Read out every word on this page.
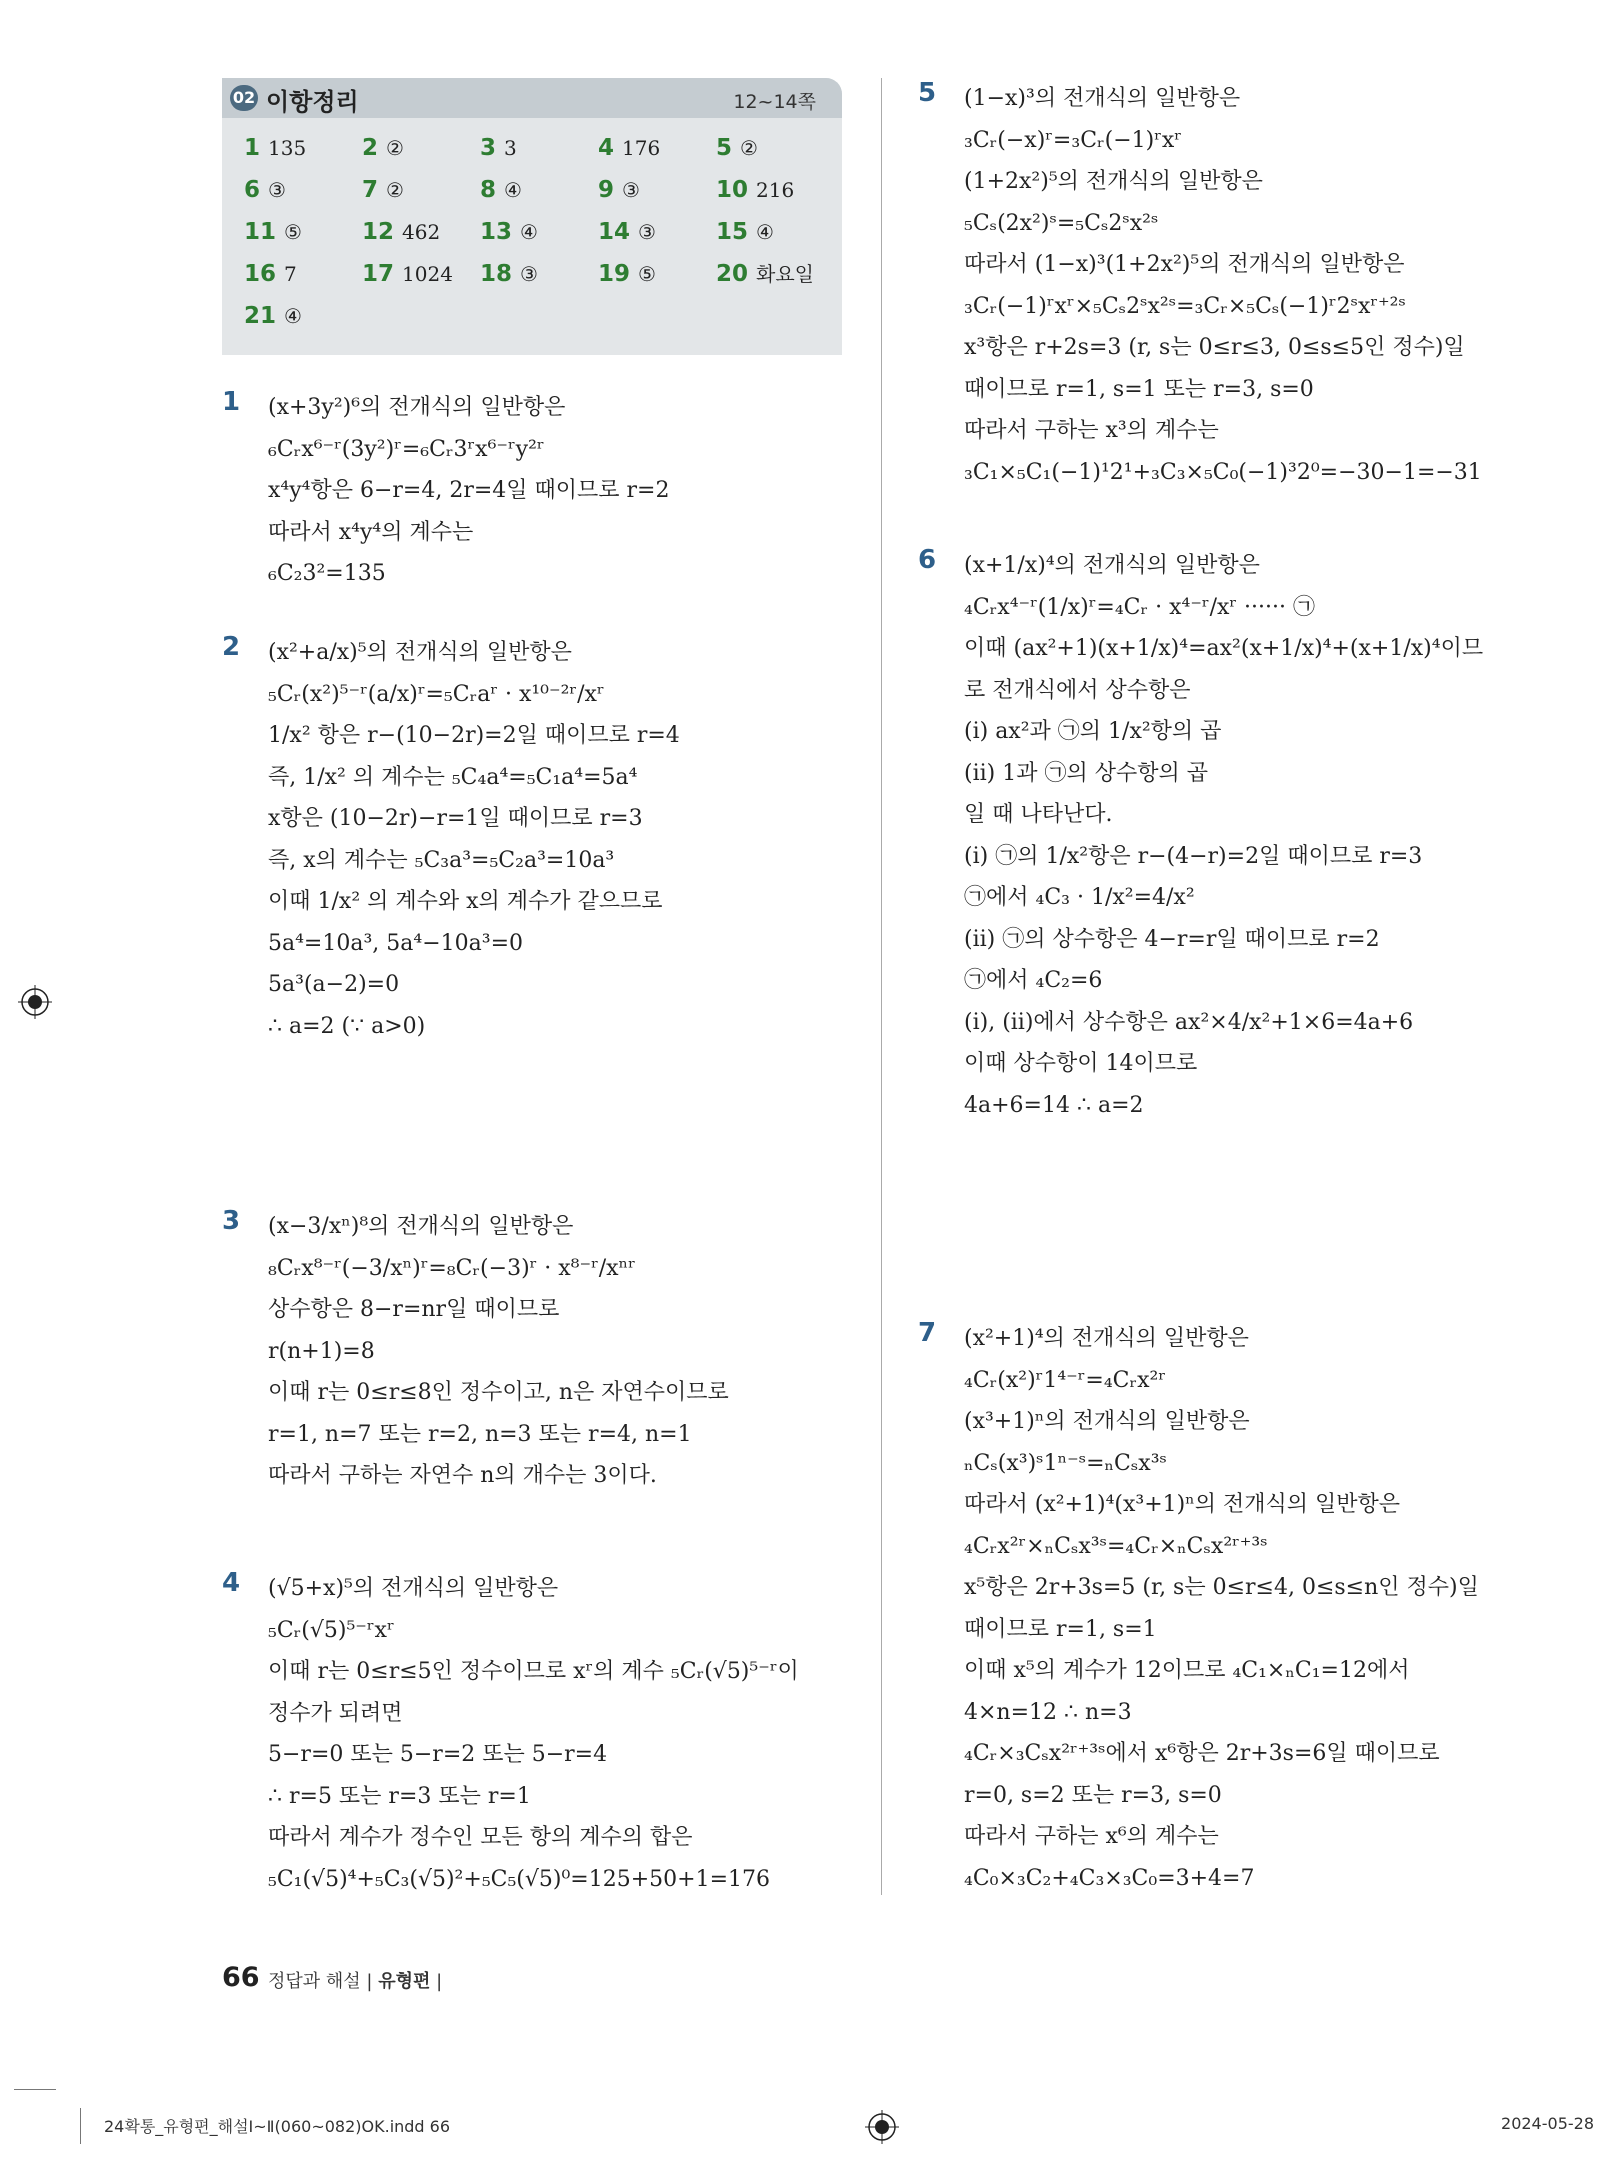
02 이항정리	12~14쪽
1 135	2 ②	3 3	4 176	5 ②
6 ③	7 ②	8 ④	9 ③	10 216
11 ⑤	12 462	13 ④	14 ③	15 ④
16 7	17 1024	18 ③	19 ⑤	20 화요일
21 ④
1 (x+3y²)⁶의 전개식의 일반항은
₆Cᵣx⁶⁻ʳ(3y²)ʳ=₆Cᵣ3ʳx⁶⁻ʳy²ʳ
x⁴y⁴항은 6−r=4, 2r=4일 때이므로 r=2
따라서 x⁴y⁴의 계수는
₆C₂3²=135
2 (x²+a/x)⁵의 전개식의 일반항은
₅Cᵣ(x²)⁵⁻ʳ(a/x)ʳ=₅Cᵣaʳ · x¹⁰⁻²ʳ/xʳ
1/x² 항은 r−(10−2r)=2일 때이므로 r=4
즉, 1/x² 의 계수는 ₅C₄a⁴=₅C₁a⁴=5a⁴
x항은 (10−2r)−r=1일 때이므로 r=3
즉, x의 계수는 ₅C₃a³=₅C₂a³=10a³
이때 1/x² 의 계수와 x의 계수가 같으므로
5a⁴=10a³, 5a⁴−10a³=0
5a³(a−2)=0
∴ a=2 (∵ a>0)
3 (x−3/xⁿ)⁸의 전개식의 일반항은
₈Cᵣx⁸⁻ʳ(−3/xⁿ)ʳ=₈Cᵣ(−3)ʳ · x⁸⁻ʳ/xⁿʳ
상수항은 8−r=nr일 때이므로
r(n+1)=8
이때 r는 0≤r≤8인 정수이고, n은 자연수이므로
r=1, n=7 또는 r=2, n=3 또는 r=4, n=1
따라서 구하는 자연수 n의 개수는 3이다.
4 (√5+x)⁵의 전개식의 일반항은
₅Cᵣ(√5)⁵⁻ʳxʳ
이때 r는 0≤r≤5인 정수이므로 xʳ의 계수 ₅Cᵣ(√5)⁵⁻ʳ이
정수가 되려면
5−r=0 또는 5−r=2 또는 5−r=4
∴ r=5 또는 r=3 또는 r=1
따라서 계수가 정수인 모든 항의 계수의 합은
₅C₁(√5)⁴+₅C₃(√5)²+₅C₅(√5)⁰=125+50+1=176
5 (1−x)³의 전개식의 일반항은
₃Cᵣ(−x)ʳ=₃Cᵣ(−1)ʳxʳ
(1+2x²)⁵의 전개식의 일반항은
₅Cₛ(2x²)ˢ=₅Cₛ2ˢx²ˢ
따라서 (1−x)³(1+2x²)⁵의 전개식의 일반항은
₃Cᵣ(−1)ʳxʳ×₅Cₛ2ˢx²ˢ=₃Cᵣ×₅Cₛ(−1)ʳ2ˢxʳ⁺²ˢ
x³항은 r+2s=3 (r, s는 0≤r≤3, 0≤s≤5인 정수)일
때이므로 r=1, s=1 또는 r=3, s=0
따라서 구하는 x³의 계수는
₃C₁×₅C₁(−1)¹2¹+₃C₃×₅C₀(−1)³2⁰=−30−1=−31
6 (x+1/x)⁴의 전개식의 일반항은
₄Cᵣx⁴⁻ʳ(1/x)ʳ=₄Cᵣ · x⁴⁻ʳ/xʳ ······ ㉠
이때 (ax²+1)(x+1/x)⁴=ax²(x+1/x)⁴+(x+1/x)⁴이므
로 전개식에서 상수항은
(ⅰ) ax²과 ㉠의 1/x²항의 곱
(ⅱ) 1과 ㉠의 상수항의 곱
일 때 나타난다.
(ⅰ) ㉠의 1/x²항은 r−(4−r)=2일 때이므로 r=3
㉠에서 ₄C₃ · 1/x²=4/x²
(ⅱ) ㉠의 상수항은 4−r=r일 때이므로 r=2
㉠에서 ₄C₂=6
(ⅰ), (ⅱ)에서 상수항은 ax²×4/x²+1×6=4a+6
이때 상수항이 14이므로
4a+6=14 ∴ a=2
7 (x²+1)⁴의 전개식의 일반항은
₄Cᵣ(x²)ʳ1⁴⁻ʳ=₄Cᵣx²ʳ
(x³+1)ⁿ의 전개식의 일반항은
ₙCₛ(x³)ˢ1ⁿ⁻ˢ=ₙCₛx³ˢ
따라서 (x²+1)⁴(x³+1)ⁿ의 전개식의 일반항은
₄Cᵣx²ʳ×ₙCₛx³ˢ=₄Cᵣ×ₙCₛx²ʳ⁺³ˢ
x⁵항은 2r+3s=5 (r, s는 0≤r≤4, 0≤s≤n인 정수)일
때이므로 r=1, s=1
이때 x⁵의 계수가 12이므로 ₄C₁×ₙC₁=12에서
4×n=12 ∴ n=3
₄Cᵣ×₃Cₛx²ʳ⁺³ˢ에서 x⁶항은 2r+3s=6일 때이므로
r=0, s=2 또는 r=3, s=0
따라서 구하는 x⁶의 계수는
₄C₀×₃C₂+₄C₃×₃C₀=3+4=7
66 정답과 해설 | 유형편 |
24확통_유형편_해설Ⅰ~Ⅱ(060~082)OK.indd 66	2024-05-28
